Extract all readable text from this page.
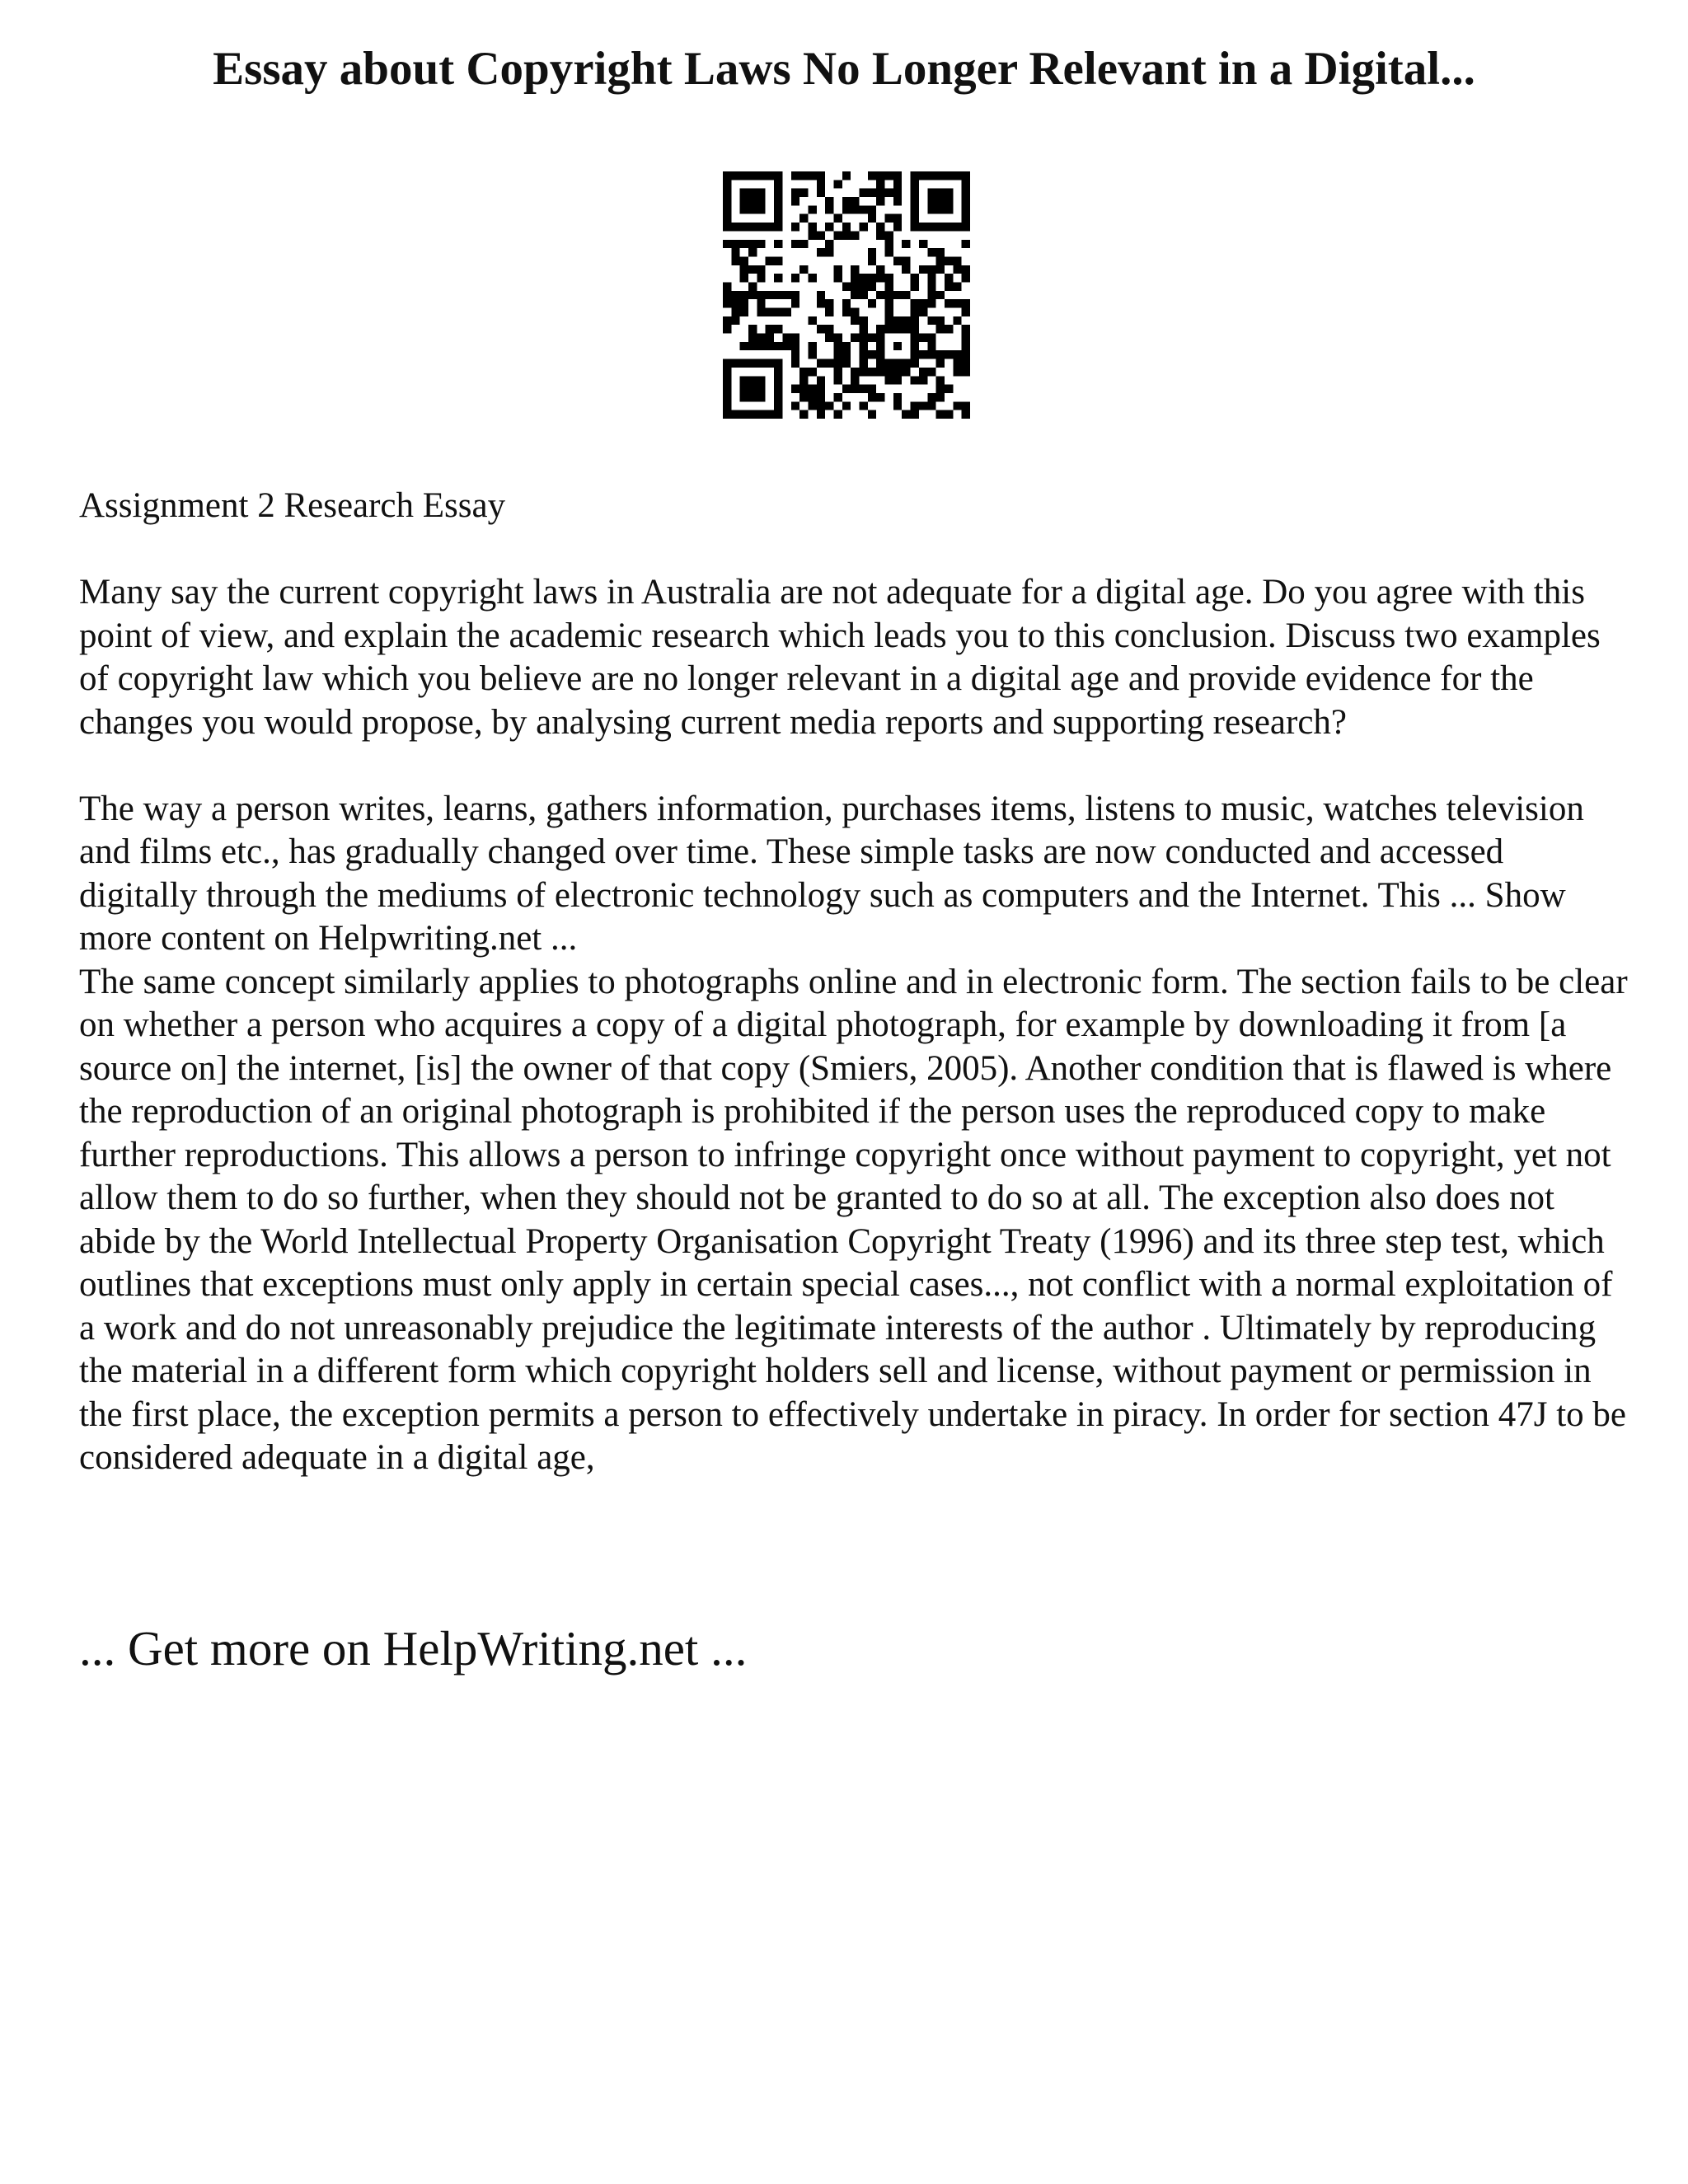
Essay about Copyright Laws No Longer Relevant in a Digital...

Assignment 2 Research Essay

Many say the current copyright laws in Australia are not adequate for a digital age. Do you agree with this point of view, and explain the academic research which leads you to this conclusion. Discuss two examples of copyright law which you believe are no longer relevant in a digital age and provide evidence for the changes you would propose, by analysing current media reports and supporting research?

The way a person writes, learns, gathers information, purchases items, listens to music, watches television and films etc., has gradually changed over time. These simple tasks are now conducted and accessed digitally through the mediums of electronic technology such as computers and the Internet. This ... Show more content on Helpwriting.net ...

The same concept similarly applies to photographs online and in electronic form. The section fails to be clear on whether a person who acquires a copy of a digital photograph, for example by downloading it from [a source on] the internet, [is] the owner of that copy (Smiers, 2005). Another condition that is flawed is where the reproduction of an original photograph is prohibited if the person uses the reproduced copy to make further reproductions. This allows a person to infringe copyright once without payment to copyright, yet not allow them to do so further, when they should not be granted to do so at all. The exception also does not abide by the World Intellectual Property Organisation Copyright Treaty (1996) and its three step test, which outlines that exceptions must only apply in certain special cases..., not conflict with a normal exploitation of a work and do not unreasonably prejudice the legitimate interests of the author . Ultimately by reproducing the material in a different form which copyright holders sell and license, without payment or permission in the first place, the exception permits a person to effectively undertake in piracy. In order for section 47J to be considered adequate in a digital age,

... Get more on HelpWriting.net ...
